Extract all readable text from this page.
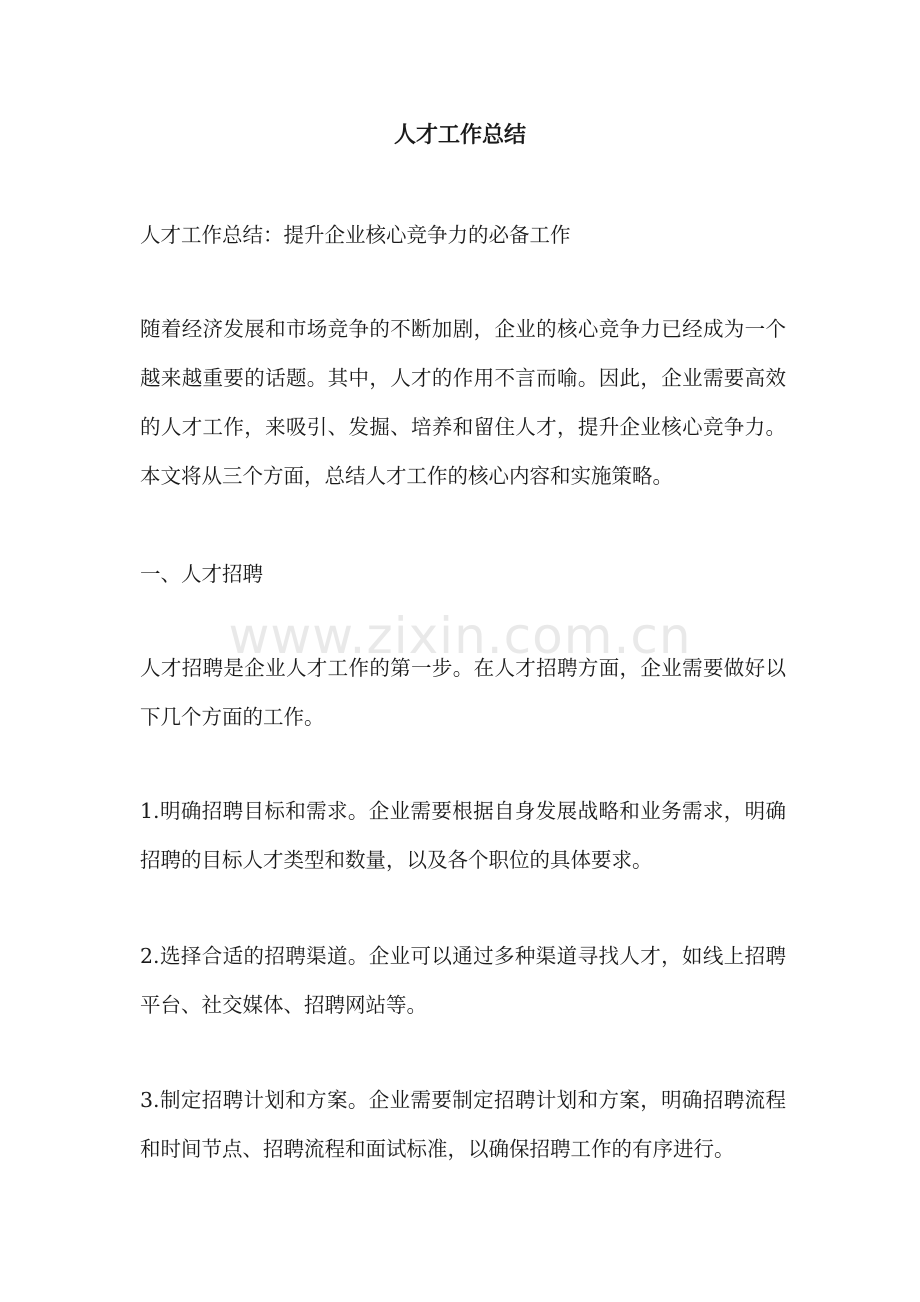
人才工作总结

人才工作总结：提升企业核心竞争力的必备工作

随着经济发展和市场竞争的不断加剧，企业的核心竞争力已经成为一个越来越重要的话题。其中，人才的作用不言而喻。因此，企业需要高效的人才工作，来吸引、发掘、培养和留住人才，提升企业核心竞争力。本文将从三个方面，总结人才工作的核心内容和实施策略。

一、人才招聘

www.zixin.com.cn

人才招聘是企业人才工作的第一步。在人才招聘方面，企业需要做好以下几个方面的工作。

1.明确招聘目标和需求。企业需要根据自身发展战略和业务需求，明确招聘的目标人才类型和数量，以及各个职位的具体要求。

2.选择合适的招聘渠道。企业可以通过多种渠道寻找人才，如线上招聘平台、社交媒体、招聘网站等。

3.制定招聘计划和方案。企业需要制定招聘计划和方案，明确招聘流程和时间节点、招聘流程和面试标准，以确保招聘工作的有序进行。
